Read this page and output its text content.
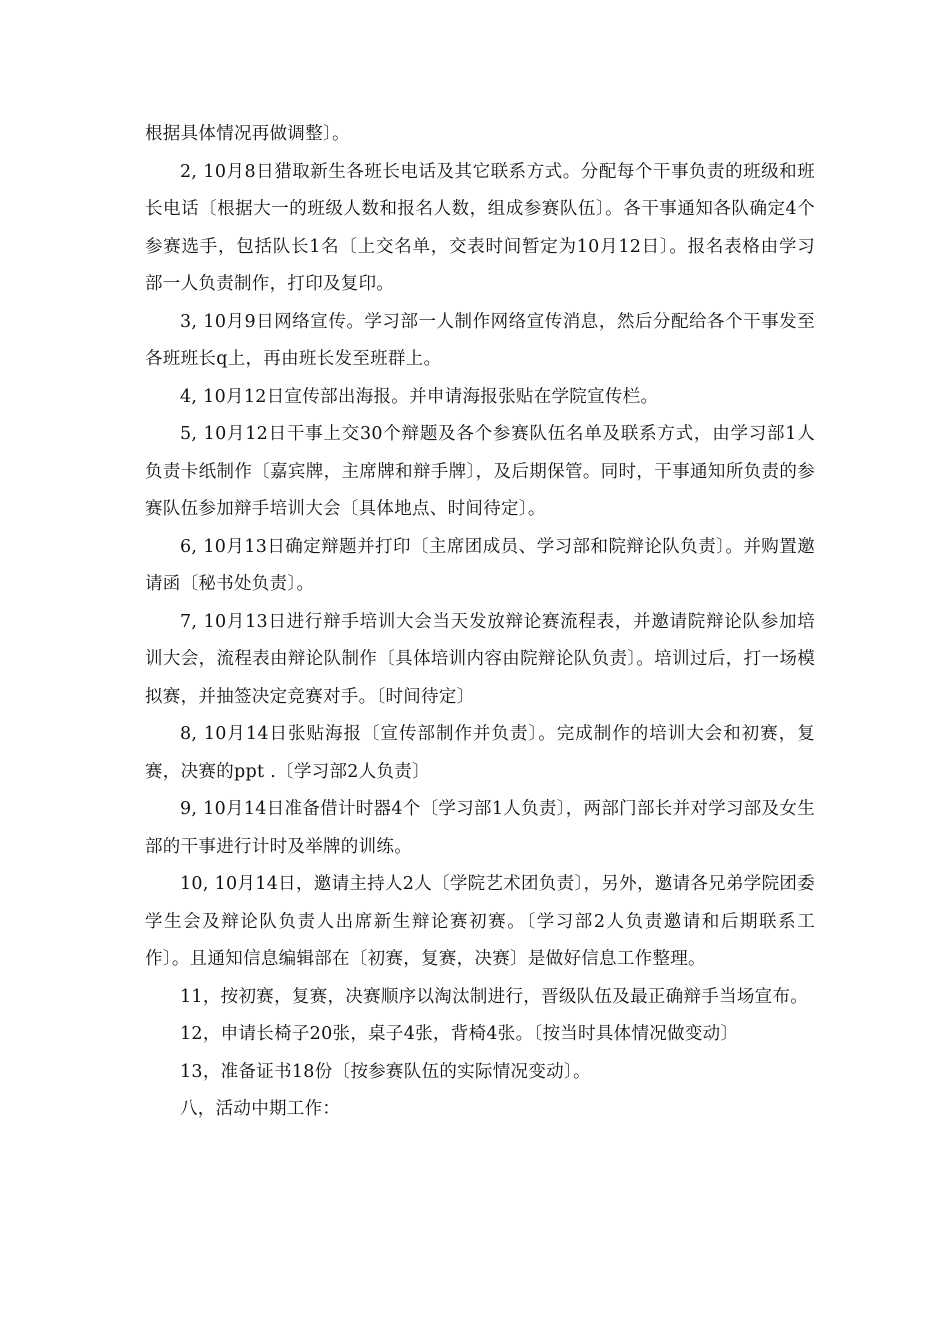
根据具体情况再做调整〕。

2, 10月8日猎取新生各班长电话及其它联系方式。分配每个干事负责的班级和班长电话〔根据大一的班级人数和报名人数，组成参赛队伍〕。各干事通知各队确定4个参赛选手，包括队长1名〔上交名单，交表时间暂定为10月12日〕。报名表格由学习部一人负责制作，打印及复印。

3, 10月9日网络宣传。学习部一人制作网络宣传消息，然后分配给各个干事发至各班班长q上，再由班长发至班群上。

4, 10月12日宣传部出海报。并申请海报张贴在学院宣传栏。

5, 10月12日干事上交30个辩题及各个参赛队伍名单及联系方式，由学习部1人负责卡纸制作〔嘉宾牌，主席牌和辩手牌〕，及后期保管。同时，干事通知所负责的参赛队伍参加辩手培训大会〔具体地点、时间待定〕。

6, 10月13日确定辩题并打印〔主席团成员、学习部和院辩论队负责〕。并购置邀请函〔秘书处负责〕。

7, 10月13日进行辩手培训大会当天发放辩论赛流程表，并邀请院辩论队参加培训大会，流程表由辩论队制作〔具体培训内容由院辩论队负责〕。培训过后，打一场模拟赛，并抽签决定竞赛对手。〔时间待定〕

8, 10月14日张贴海报〔宣传部制作并负责〕。完成制作的培训大会和初赛，复赛，决赛的ppt .〔学习部2人负责〕

9, 10月14日准备借计时器4个〔学习部1人负责〕，两部门部长并对学习部及女生部的干事进行计时及举牌的训练。

10, 10月14日，邀请主持人2人〔学院艺术团负责〕，另外，邀请各兄弟学院团委学生会及辩论队负责人出席新生辩论赛初赛。〔学习部2人负责邀请和后期联系工作〕。且通知信息编辑部在〔初赛，复赛，决赛〕是做好信息工作整理。

11，按初赛，复赛，决赛顺序以淘汰制进行，晋级队伍及最正确辩手当场宣布。

12，申请长椅子20张，桌子4张，背椅4张。〔按当时具体情况做变动〕

13，准备证书18份〔按参赛队伍的实际情况变动〕。

八，活动中期工作：
